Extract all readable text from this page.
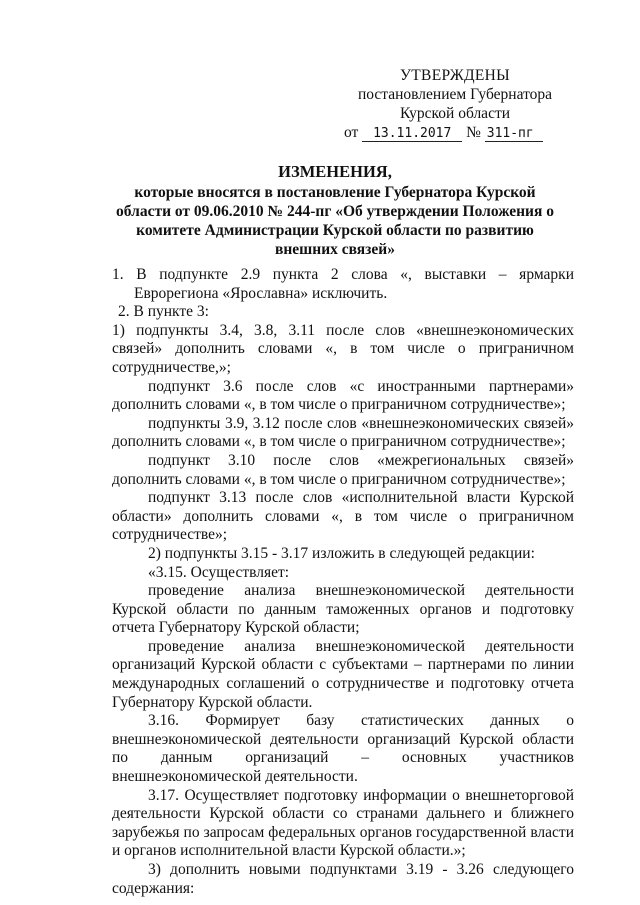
УТВЕРЖДЕНЫ
постановлением Губернатора
Курской области
от 13.11.2017 № 311-пг
ИЗМЕНЕНИЯ,
которые вносятся в постановление Губернатора Курской области от 09.06.2010 № 244-пг «Об утверждении Положения о комитете Администрации Курской области по развитию внешних связей»

1. В подпункте 2.9 пункта 2 слова «, выставки – ярмарки Еврорегиона «Ярославна» исключить.

2. В пункте 3:

1) подпункты 3.4, 3.8, 3.11 после слов «внешнеэкономических связей» дополнить словами «, в том числе о приграничном сотрудничестве,»;

подпункт 3.6 после слов «с иностранными партнерами» дополнить словами «, в том числе о приграничном сотрудничестве»;

подпункты 3.9, 3.12 после слов «внешнеэкономических связей» дополнить словами «, в том числе о приграничном сотрудничестве»;

подпункт 3.10 после слов «межрегиональных связей» дополнить словами «, в том числе о приграничном сотрудничестве»;

подпункт 3.13 после слов «исполнительной власти Курской области» дополнить словами «, в том числе о приграничном сотрудничестве»;

2) подпункты 3.15 - 3.17 изложить в следующей редакции:

«3.15. Осуществляет:

проведение анализа внешнеэкономической деятельности Курской области по данным таможенных органов и подготовку отчета Губернатору Курской области;

проведение анализа внешнеэкономической деятельности организаций Курской области с субъектами – партнерами по линии международных соглашений о сотрудничестве и подготовку отчета Губернатору Курской области.

3.16. Формирует базу статистических данных о внешнеэкономической деятельности организаций Курской области по данным организаций – основных участников внешнеэкономической деятельности.

3.17. Осуществляет подготовку информации о внешнеторговой деятельности Курской области со странами дальнего и ближнего зарубежья по запросам федеральных органов государственной власти и органов исполнительной власти Курской области.»;

3) дополнить новыми подпунктами 3.19 - 3.26 следующего содержания:
